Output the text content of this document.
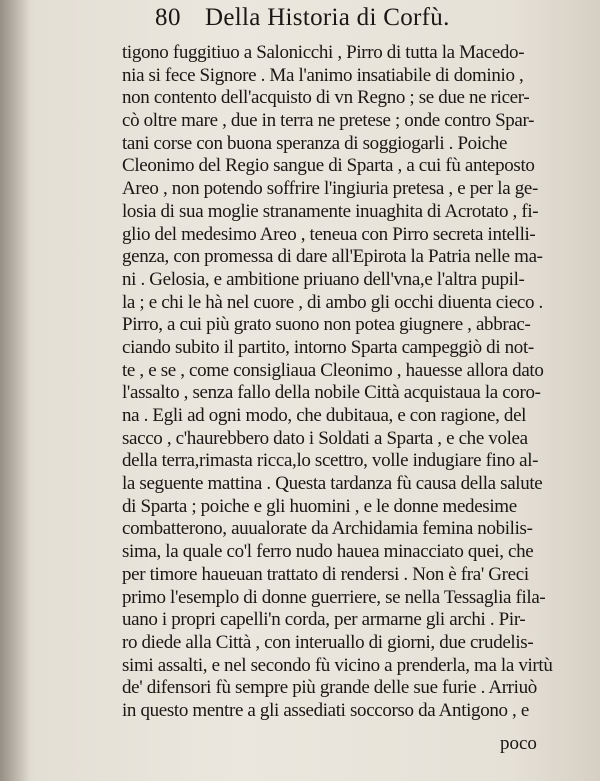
80 Della Historia di Corfù.
tigono fuggitiuo a Salonicchi , Pirro di tutta la Macedo-
nia si fece Signore . Ma l'animo insatiabile di dominio ,
non contento dell'acquisto di vn Regno ; se due ne ricer-
cò oltre mare , due in terra ne pretese ; onde contro Spar-
tani corse con buona speranza di soggiogarli . Poiche
Cleonimo del Regio sangue di Sparta , a cui fù anteposto
Areo , non potendo soffrire l'ingiuria pretesa , e per la ge-
losia di sua moglie stranamente inuaghita di Acrotato , fi-
glio del medesimo Areo , teneua con Pirro secreta intelli-
genza, con promessa di dare all'Epirota la Patria nelle ma-
ni . Gelosia, e ambitione priuano dell'vna,e l'altra pupil-
la ; e chi le hà nel cuore , di ambo gli occhi diuenta cieco .
Pirro, a cui più grato suono non potea giugnere , abbrac-
ciando subito il partito, intorno Sparta campeggiò di not-
te , e se , come consigliaua Cleonimo , hauesse allora dato
l'assalto , senza fallo della nobile Città acquistaua la coro-
na . Egli ad ogni modo, che dubitaua, e con ragione, del
sacco , c'haurebbero dato i Soldati a Sparta , e che volea
della terra,rimasta ricca,lo scettro, volle indugiare fino al-
la seguente mattina . Questa tardanza fù causa della salute
di Sparta ; poiche e gli huomini , e le donne medesime
combatterono, auualorate da Archidamia femina nobilis-
sima, la quale co'l ferro nudo hauea minacciato quei, che
per timore haueuan trattato di rendersi . Non è fra' Greci
primo l'esemplo di donne guerriere, se nella Tessaglia fila-
uano i propri capelli'n corda, per armarne gli archi . Pir-
ro diede alla Città , con interuallo di giorni, due crudelis-
simi assalti, e nel secondo fù vicino a prenderla, ma la virtù
de' difensori fù sempre più grande delle sue furie . Arriuò
in questo mentre a gli assediati soccorso da Antigono , e
poco
